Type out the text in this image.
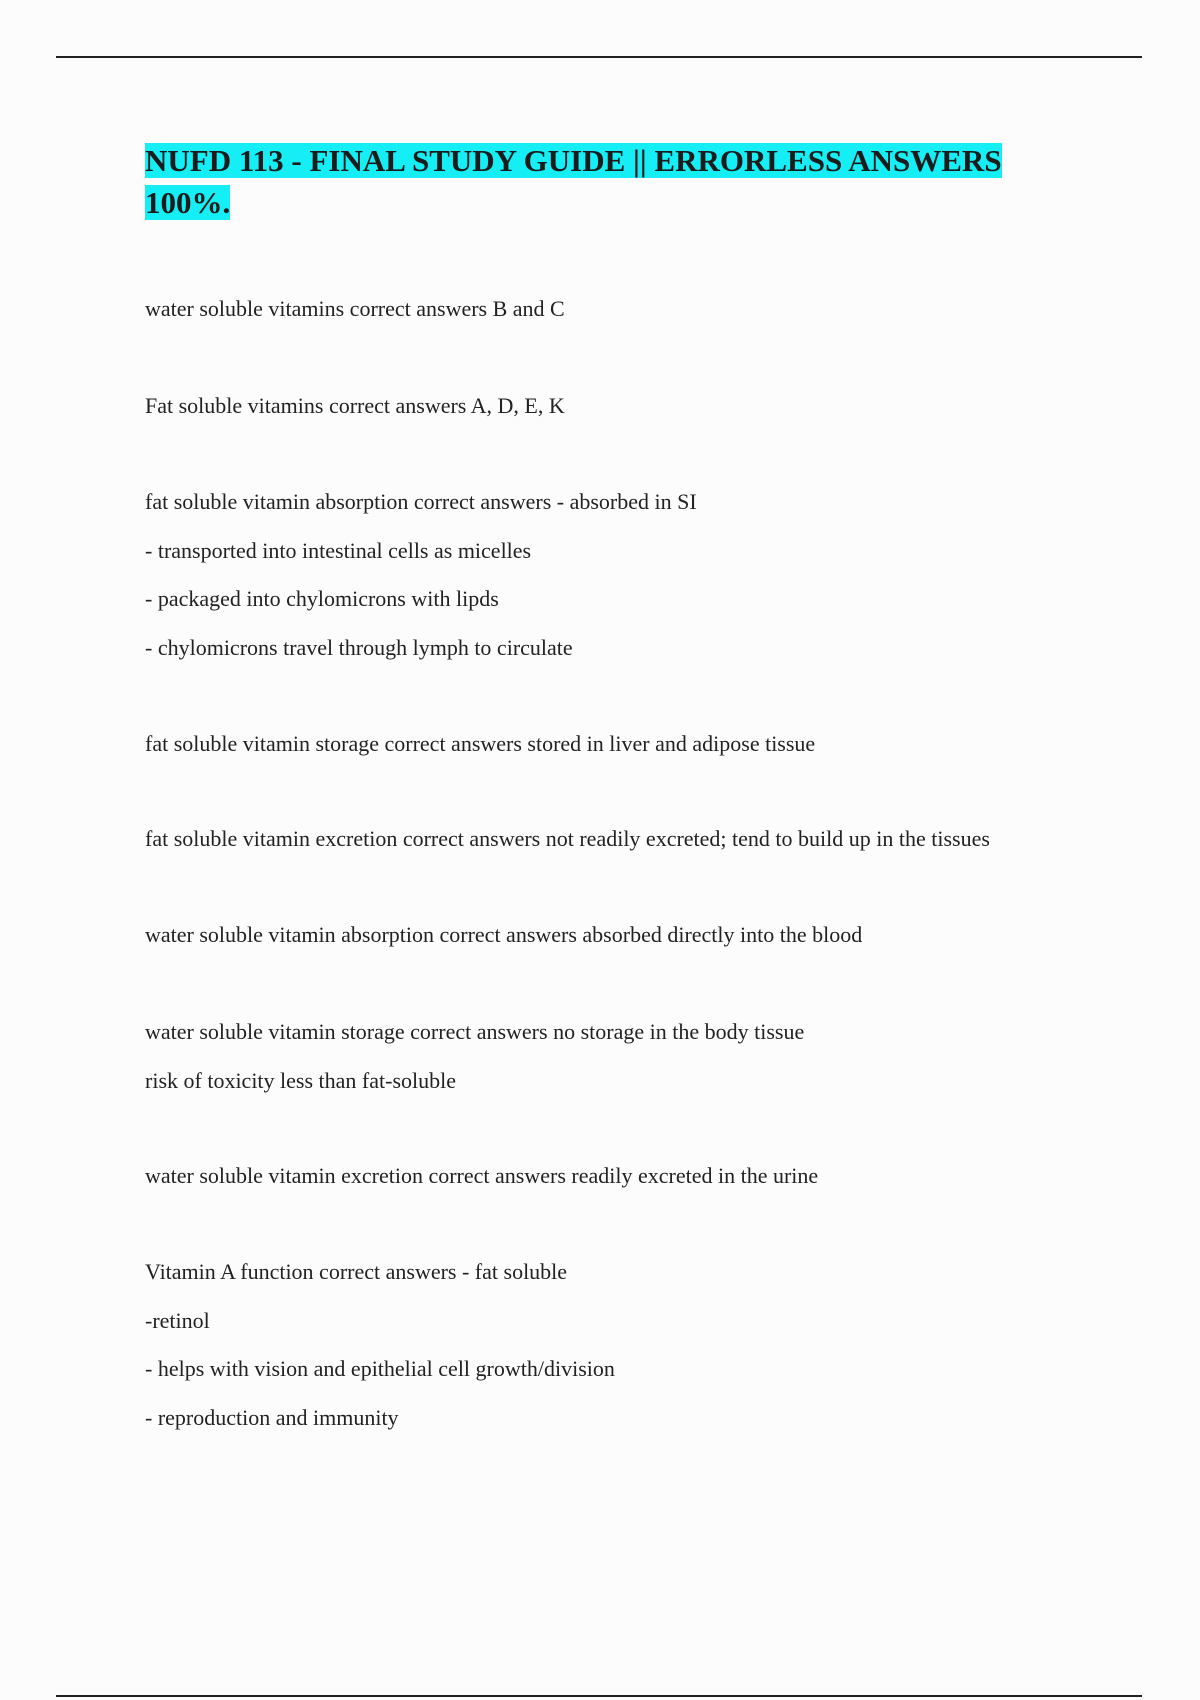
NUFD 113 - FINAL STUDY GUIDE || ERRORLESS ANSWERS 100%.

water soluble vitamins correct answers B and C

Fat soluble vitamins correct answers A, D, E, K

fat soluble vitamin absorption correct answers - absorbed in SI

- transported into intestinal cells as micelles

- packaged into chylomicrons with lipds

- chylomicrons travel through lymph to circulate

fat soluble vitamin storage correct answers stored in liver and adipose tissue

fat soluble vitamin excretion correct answers not readily excreted; tend to build up in the tissues

water soluble vitamin absorption correct answers absorbed directly into the blood

water soluble vitamin storage correct answers no storage in the body tissue

risk of toxicity less than fat-soluble

water soluble vitamin excretion correct answers readily excreted in the urine

Vitamin A function correct answers - fat soluble

-retinol

- helps with vision and epithelial cell growth/division

- reproduction and immunity
